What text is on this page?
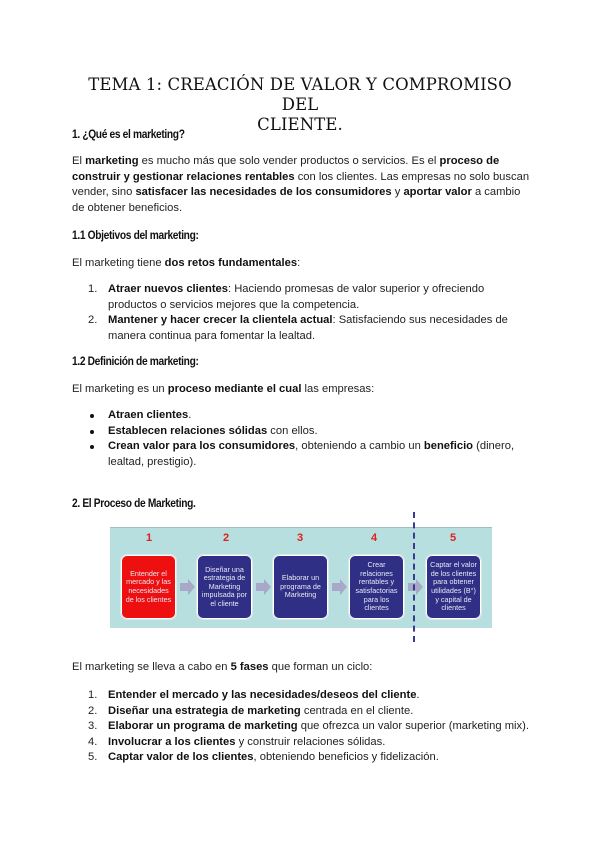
TEMA 1: CREACIÓN DE VALOR Y COMPROMISO DEL
CLIENTE.
1. ¿Qué es el marketing?

El marketing es mucho más que solo vender productos o servicios. Es el proceso de construir y gestionar relaciones rentables con los clientes. Las empresas no solo buscan vender, sino satisfacer las necesidades de los consumidores y aportar valor a cambio de obtener beneficios.

1.1 Objetivos del marketing:

El marketing tiene dos retos fundamentales:

1. Atraer nuevos clientes: Haciendo promesas de valor superior y ofreciendo productos o servicios mejores que la competencia.
2. Mantener y hacer crecer la clientela actual: Satisfaciendo sus necesidades de manera continua para fomentar la lealtad.
1.2 Definición de marketing:

El marketing es un proceso mediante el cual las empresas:

Atraen clientes.
Establecen relaciones sólidas con ellos.
Crean valor para los consumidores, obteniendo a cambio un beneficio (dinero, lealtad, prestigio).
2. El Proceso de Marketing.
1	2	3	4	5
Entender el mercado y las necesidades de los clientes
Diseñar una estrategia de Marketing impulsada por el cliente
Elaborar un programa de Marketing
Crear relaciones rentables y satisfactorias para los clientes
Captar el valor de los clientes para obtener utilidades (B°) y capital de clientes

El marketing se lleva a cabo en 5 fases que forman un ciclo:

1. Entender el mercado y las necesidades/deseos del cliente.
2. Diseñar una estrategia de marketing centrada en el cliente.
3. Elaborar un programa de marketing que ofrezca un valor superior (marketing mix).
4. Involucrar a los clientes y construir relaciones sólidas.
5. Captar valor de los clientes, obteniendo beneficios y fidelización.
